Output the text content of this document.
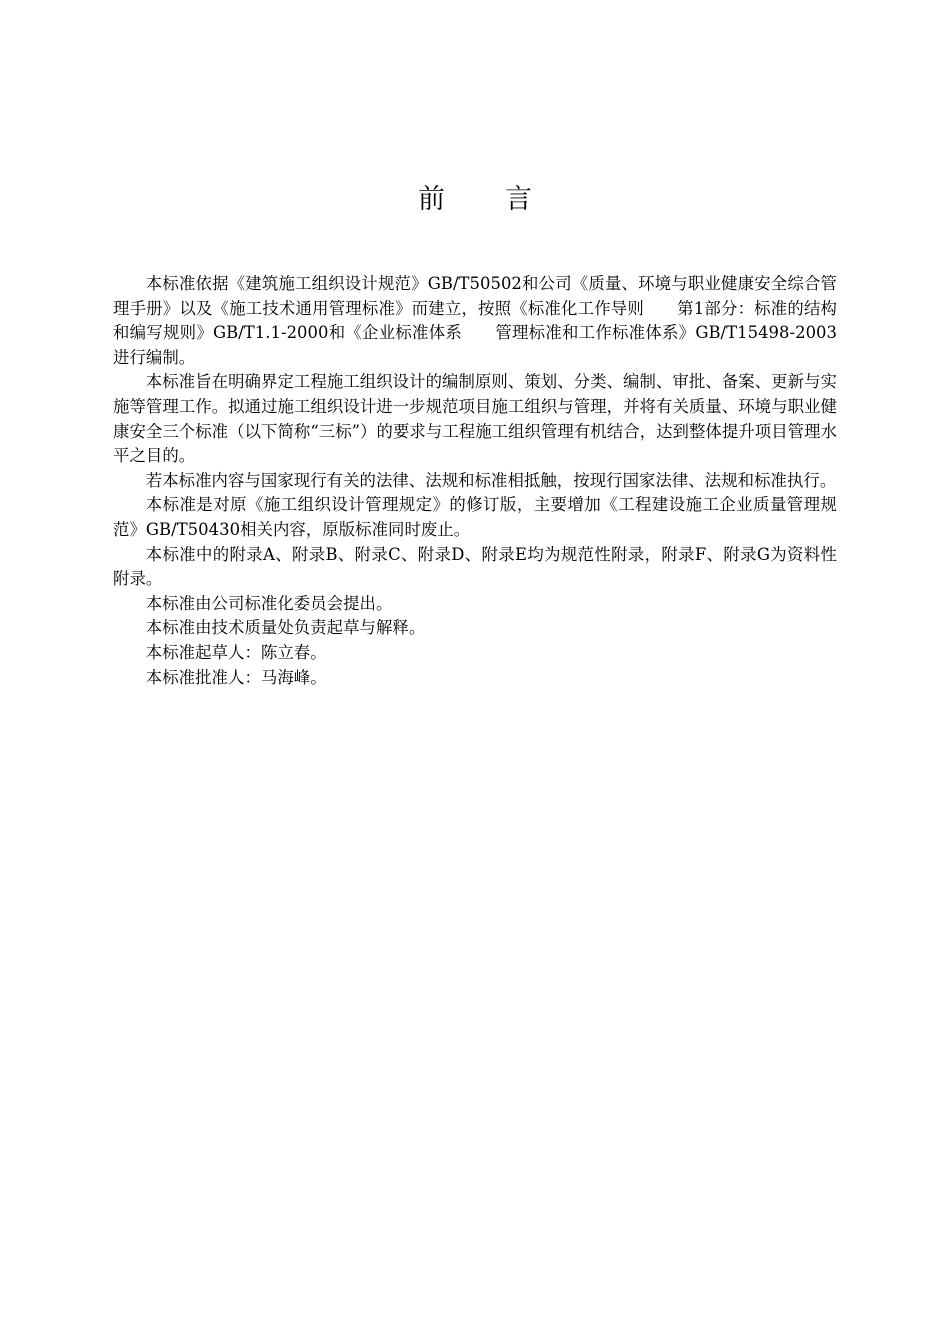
前言

本标准依据《建筑施工组织设计规范》GB/T50502和公司《质量、环境与职业健康安全综合管理手册》以及《施工技术通用管理标准》而建立，按照《标准化工作导则　　第1部分：标准的结构和编写规则》GB/T1.1-2000和《企业标准体系　　管理标准和工作标准体系》GB/T15498-2003进行编制。

本标准旨在明确界定工程施工组织设计的编制原则、策划、分类、编制、审批、备案、更新与实施等管理工作。拟通过施工组织设计进一步规范项目施工组织与管理，并将有关质量、环境与职业健康安全三个标准（以下简称“三标”）的要求与工程施工组织管理有机结合，达到整体提升项目管理水平之目的。

若本标准内容与国家现行有关的法律、法规和标准相抵触，按现行国家法律、法规和标准执行。

本标准是对原《施工组织设计管理规定》的修订版，主要增加《工程建设施工企业质量管理规范》GB/T50430相关内容，原版标准同时废止。

本标准中的附录A、附录B、附录C、附录D、附录E均为规范性附录，附录F、附录G为资料性附录。

本标准由公司标准化委员会提出。

本标准由技术质量处负责起草与解释。

本标准起草人：陈立春。

本标准批准人：马海峰。
